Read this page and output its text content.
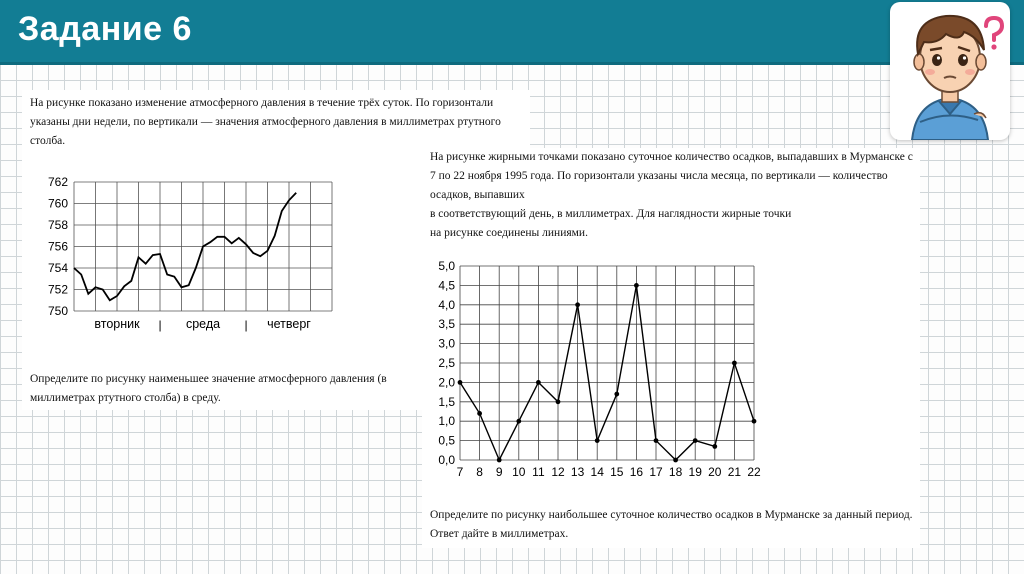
Задание 6

На рисунке показано изменение атмосферного давления в течение трёх суток. По горизонтали указаны дни недели, по вертикали — значения атмосферного давления в миллиметрах ртутного столба.

750
752
754
756
758
760
762
вторник	среда	четверг
|	|

Определите по рисунку наименьшее значение атмосферного давления (в миллиметрах ртутного столба) в среду.

На рисунке жирными точками показано суточное количество осадков, выпадавших в Мурманске с 7 по 22 ноября 1995 года. По горизонтали указаны числа месяца, по вертикали — количество осадков, выпавших

в соответствующий день, в миллиметрах. Для наглядности жирные точки

на рисунке соединены линиями.

0,0
0,5
1,0
1,5
2,0
2,5
3,0
3,5
4,0
4,5
5,0
7 8 9 10 11 12 13 14 15 16 17 18 19 20 21 22

Определите по рисунку наибольшее суточное количество осадков в Мурманске за данный период. Ответ дайте в миллиметрах.
